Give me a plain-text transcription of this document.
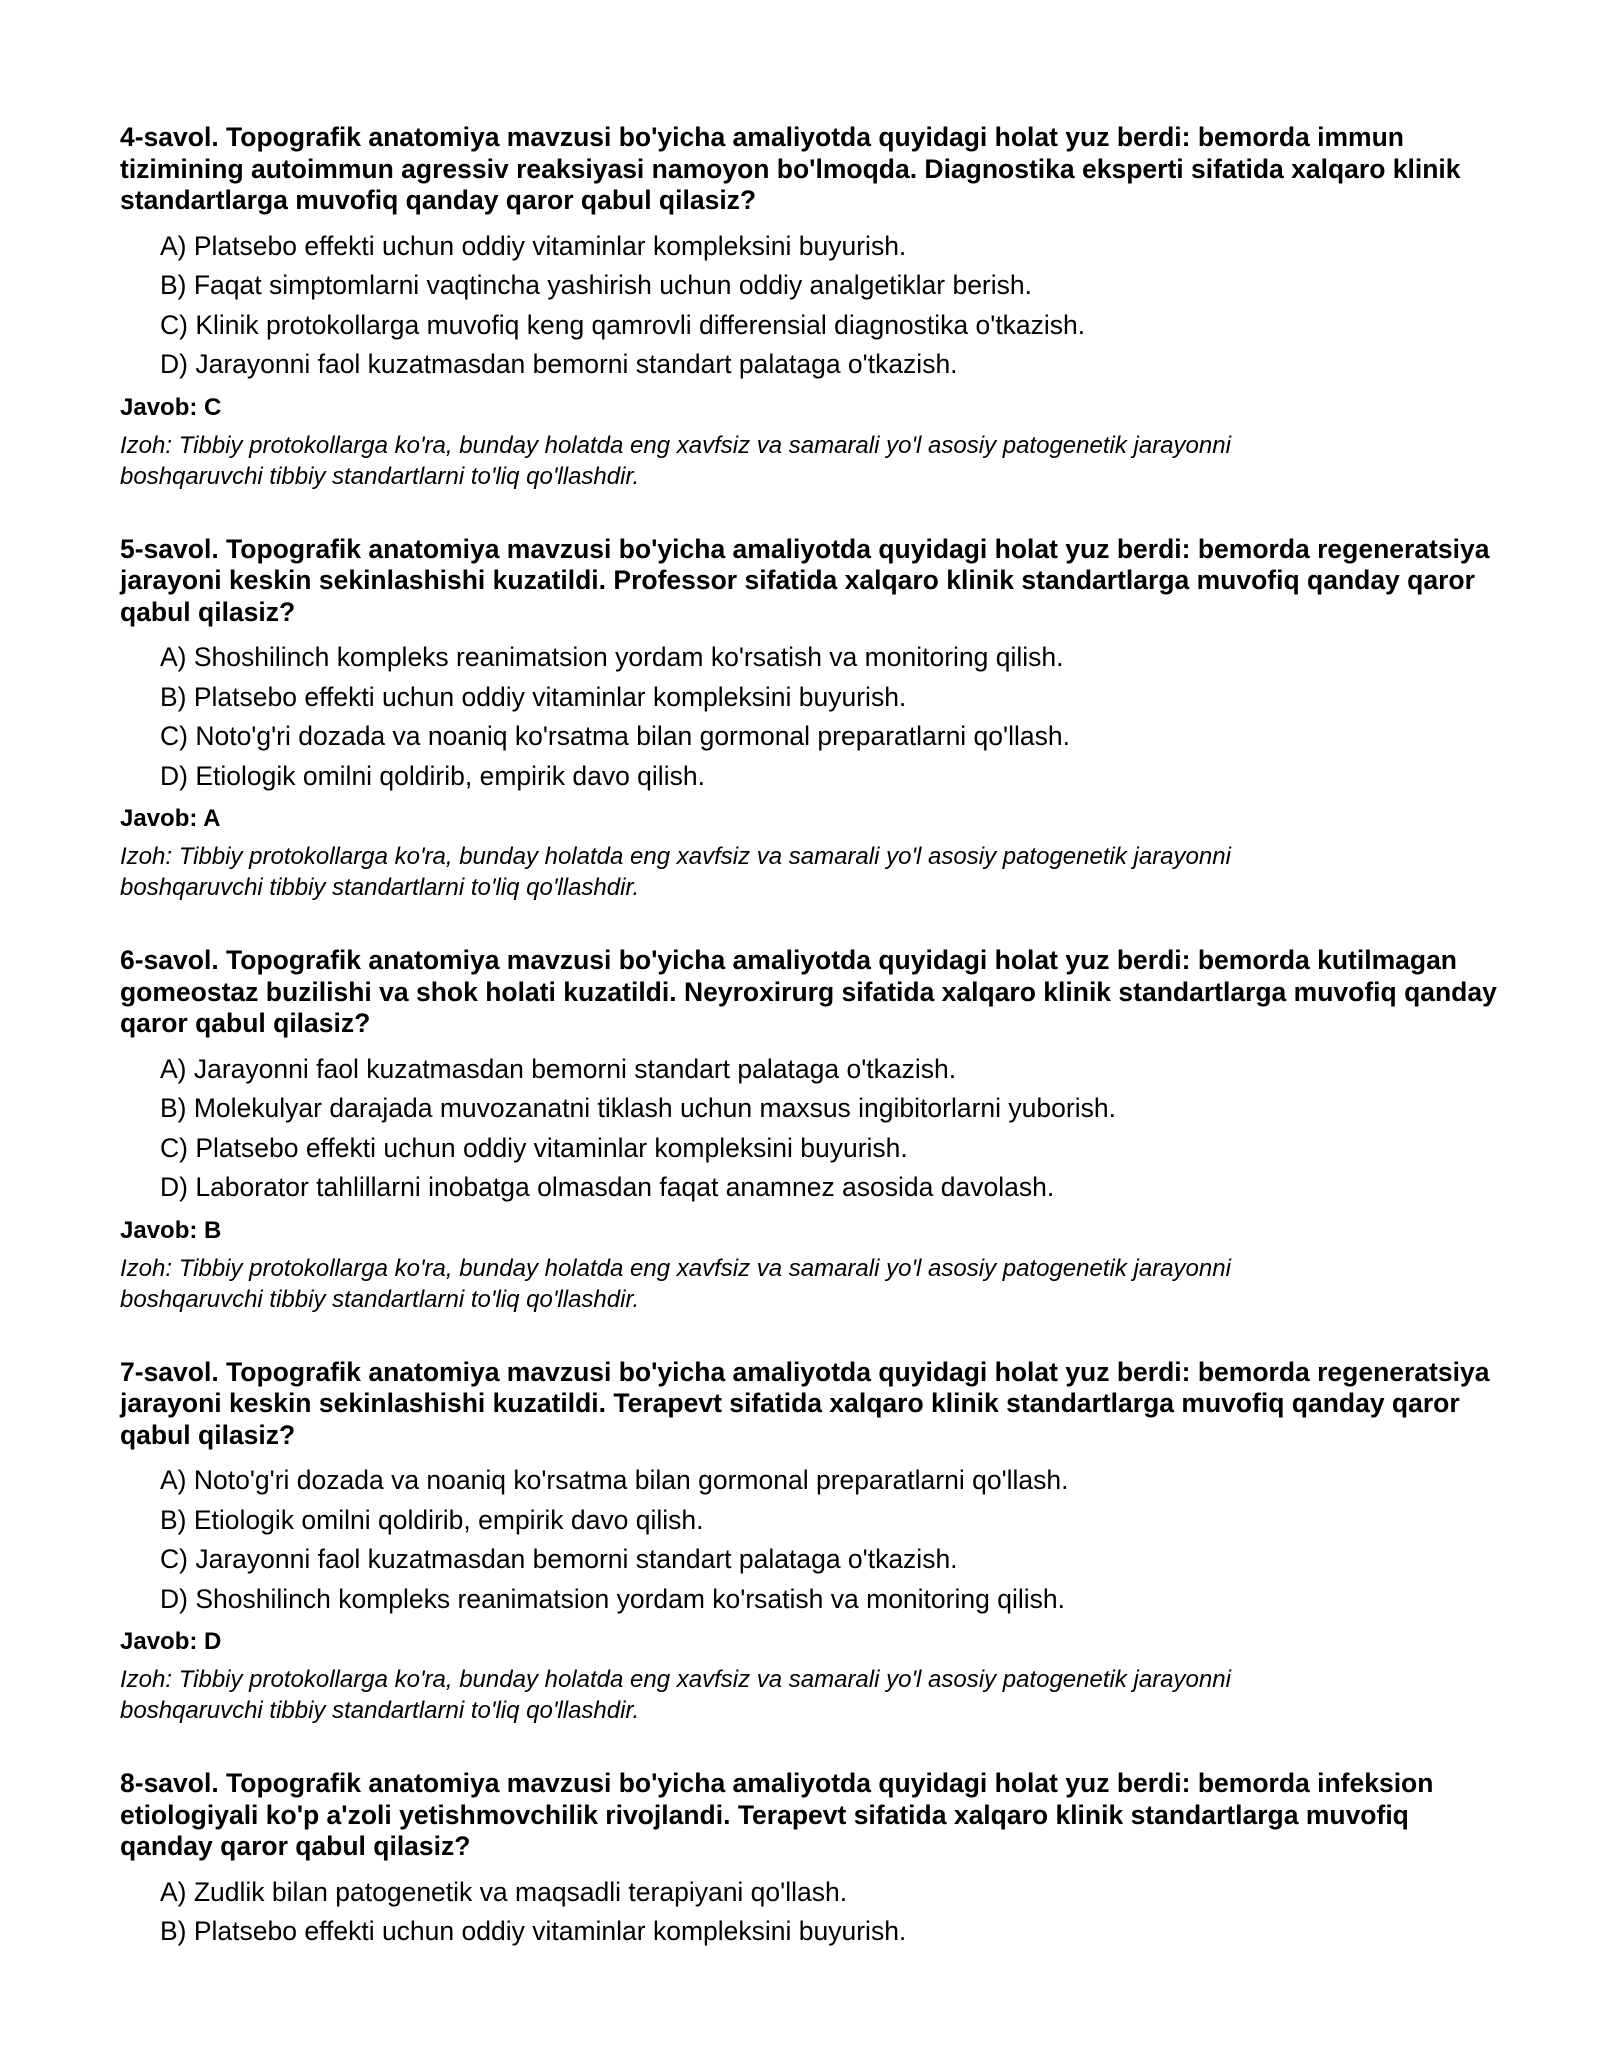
4-savol. Topografik anatomiya mavzusi bo'yicha amaliyotda quyidagi holat yuz berdi: bemorda immun tizimining autoimmun agressiv reaksiyasi namoyon bo'lmoqda. Diagnostika eksperti sifatida xalqaro klinik standartlarga muvofiq qanday qaror qabul qilasiz?

A) Platsebo effekti uchun oddiy vitaminlar kompleksini buyurish.
B) Faqat simptomlarni vaqtincha yashirish uchun oddiy analgetiklar berish.
C) Klinik protokollarga muvofiq keng qamrovli differensial diagnostika o'tkazish.
D) Jarayonni faol kuzatmasdan bemorni standart palataga o'tkazish.

Javob: C

Izoh: Tibbiy protokollarga ko'ra, bunday holatda eng xavfsiz va samarali yo'l asosiy patogenetik jarayonni boshqaruvchi tibbiy standartlarni to'liq qo'llashdir.

5-savol. Topografik anatomiya mavzusi bo'yicha amaliyotda quyidagi holat yuz berdi: bemorda regeneratsiya jarayoni keskin sekinlashishi kuzatildi. Professor sifatida xalqaro klinik standartlarga muvofiq qanday qaror qabul qilasiz?

A) Shoshilinch kompleks reanimatsion yordam ko'rsatish va monitoring qilish.
B) Platsebo effekti uchun oddiy vitaminlar kompleksini buyurish.
C) Noto'g'ri dozada va noaniq ko'rsatma bilan gormonal preparatlarni qo'llash.
D) Etiologik omilni qoldirib, empirik davo qilish.

Javob: A

Izoh: Tibbiy protokollarga ko'ra, bunday holatda eng xavfsiz va samarali yo'l asosiy patogenetik jarayonni boshqaruvchi tibbiy standartlarni to'liq qo'llashdir.

6-savol. Topografik anatomiya mavzusi bo'yicha amaliyotda quyidagi holat yuz berdi: bemorda kutilmagan gomeostaz buzilishi va shok holati kuzatildi. Neyroxirurg sifatida xalqaro klinik standartlarga muvofiq qanday qaror qabul qilasiz?

A) Jarayonni faol kuzatmasdan bemorni standart palataga o'tkazish.
B) Molekulyar darajada muvozanatni tiklash uchun maxsus ingibitorlarni yuborish.
C) Platsebo effekti uchun oddiy vitaminlar kompleksini buyurish.
D) Laborator tahlillarni inobatga olmasdan faqat anamnez asosida davolash.

Javob: B

Izoh: Tibbiy protokollarga ko'ra, bunday holatda eng xavfsiz va samarali yo'l asosiy patogenetik jarayonni boshqaruvchi tibbiy standartlarni to'liq qo'llashdir.

7-savol. Topografik anatomiya mavzusi bo'yicha amaliyotda quyidagi holat yuz berdi: bemorda regeneratsiya jarayoni keskin sekinlashishi kuzatildi. Terapevt sifatida xalqaro klinik standartlarga muvofiq qanday qaror qabul qilasiz?

A) Noto'g'ri dozada va noaniq ko'rsatma bilan gormonal preparatlarni qo'llash.
B) Etiologik omilni qoldirib, empirik davo qilish.
C) Jarayonni faol kuzatmasdan bemorni standart palataga o'tkazish.
D) Shoshilinch kompleks reanimatsion yordam ko'rsatish va monitoring qilish.

Javob: D

Izoh: Tibbiy protokollarga ko'ra, bunday holatda eng xavfsiz va samarali yo'l asosiy patogenetik jarayonni boshqaruvchi tibbiy standartlarni to'liq qo'llashdir.

8-savol. Topografik anatomiya mavzusi bo'yicha amaliyotda quyidagi holat yuz berdi: bemorda infeksion etiologiyali ko'p a'zoli yetishmovchilik rivojlandi. Terapevt sifatida xalqaro klinik standartlarga muvofiq qanday qaror qabul qilasiz?

A) Zudlik bilan patogenetik va maqsadli terapiyani qo'llash.
B) Platsebo effekti uchun oddiy vitaminlar kompleksini buyurish.
